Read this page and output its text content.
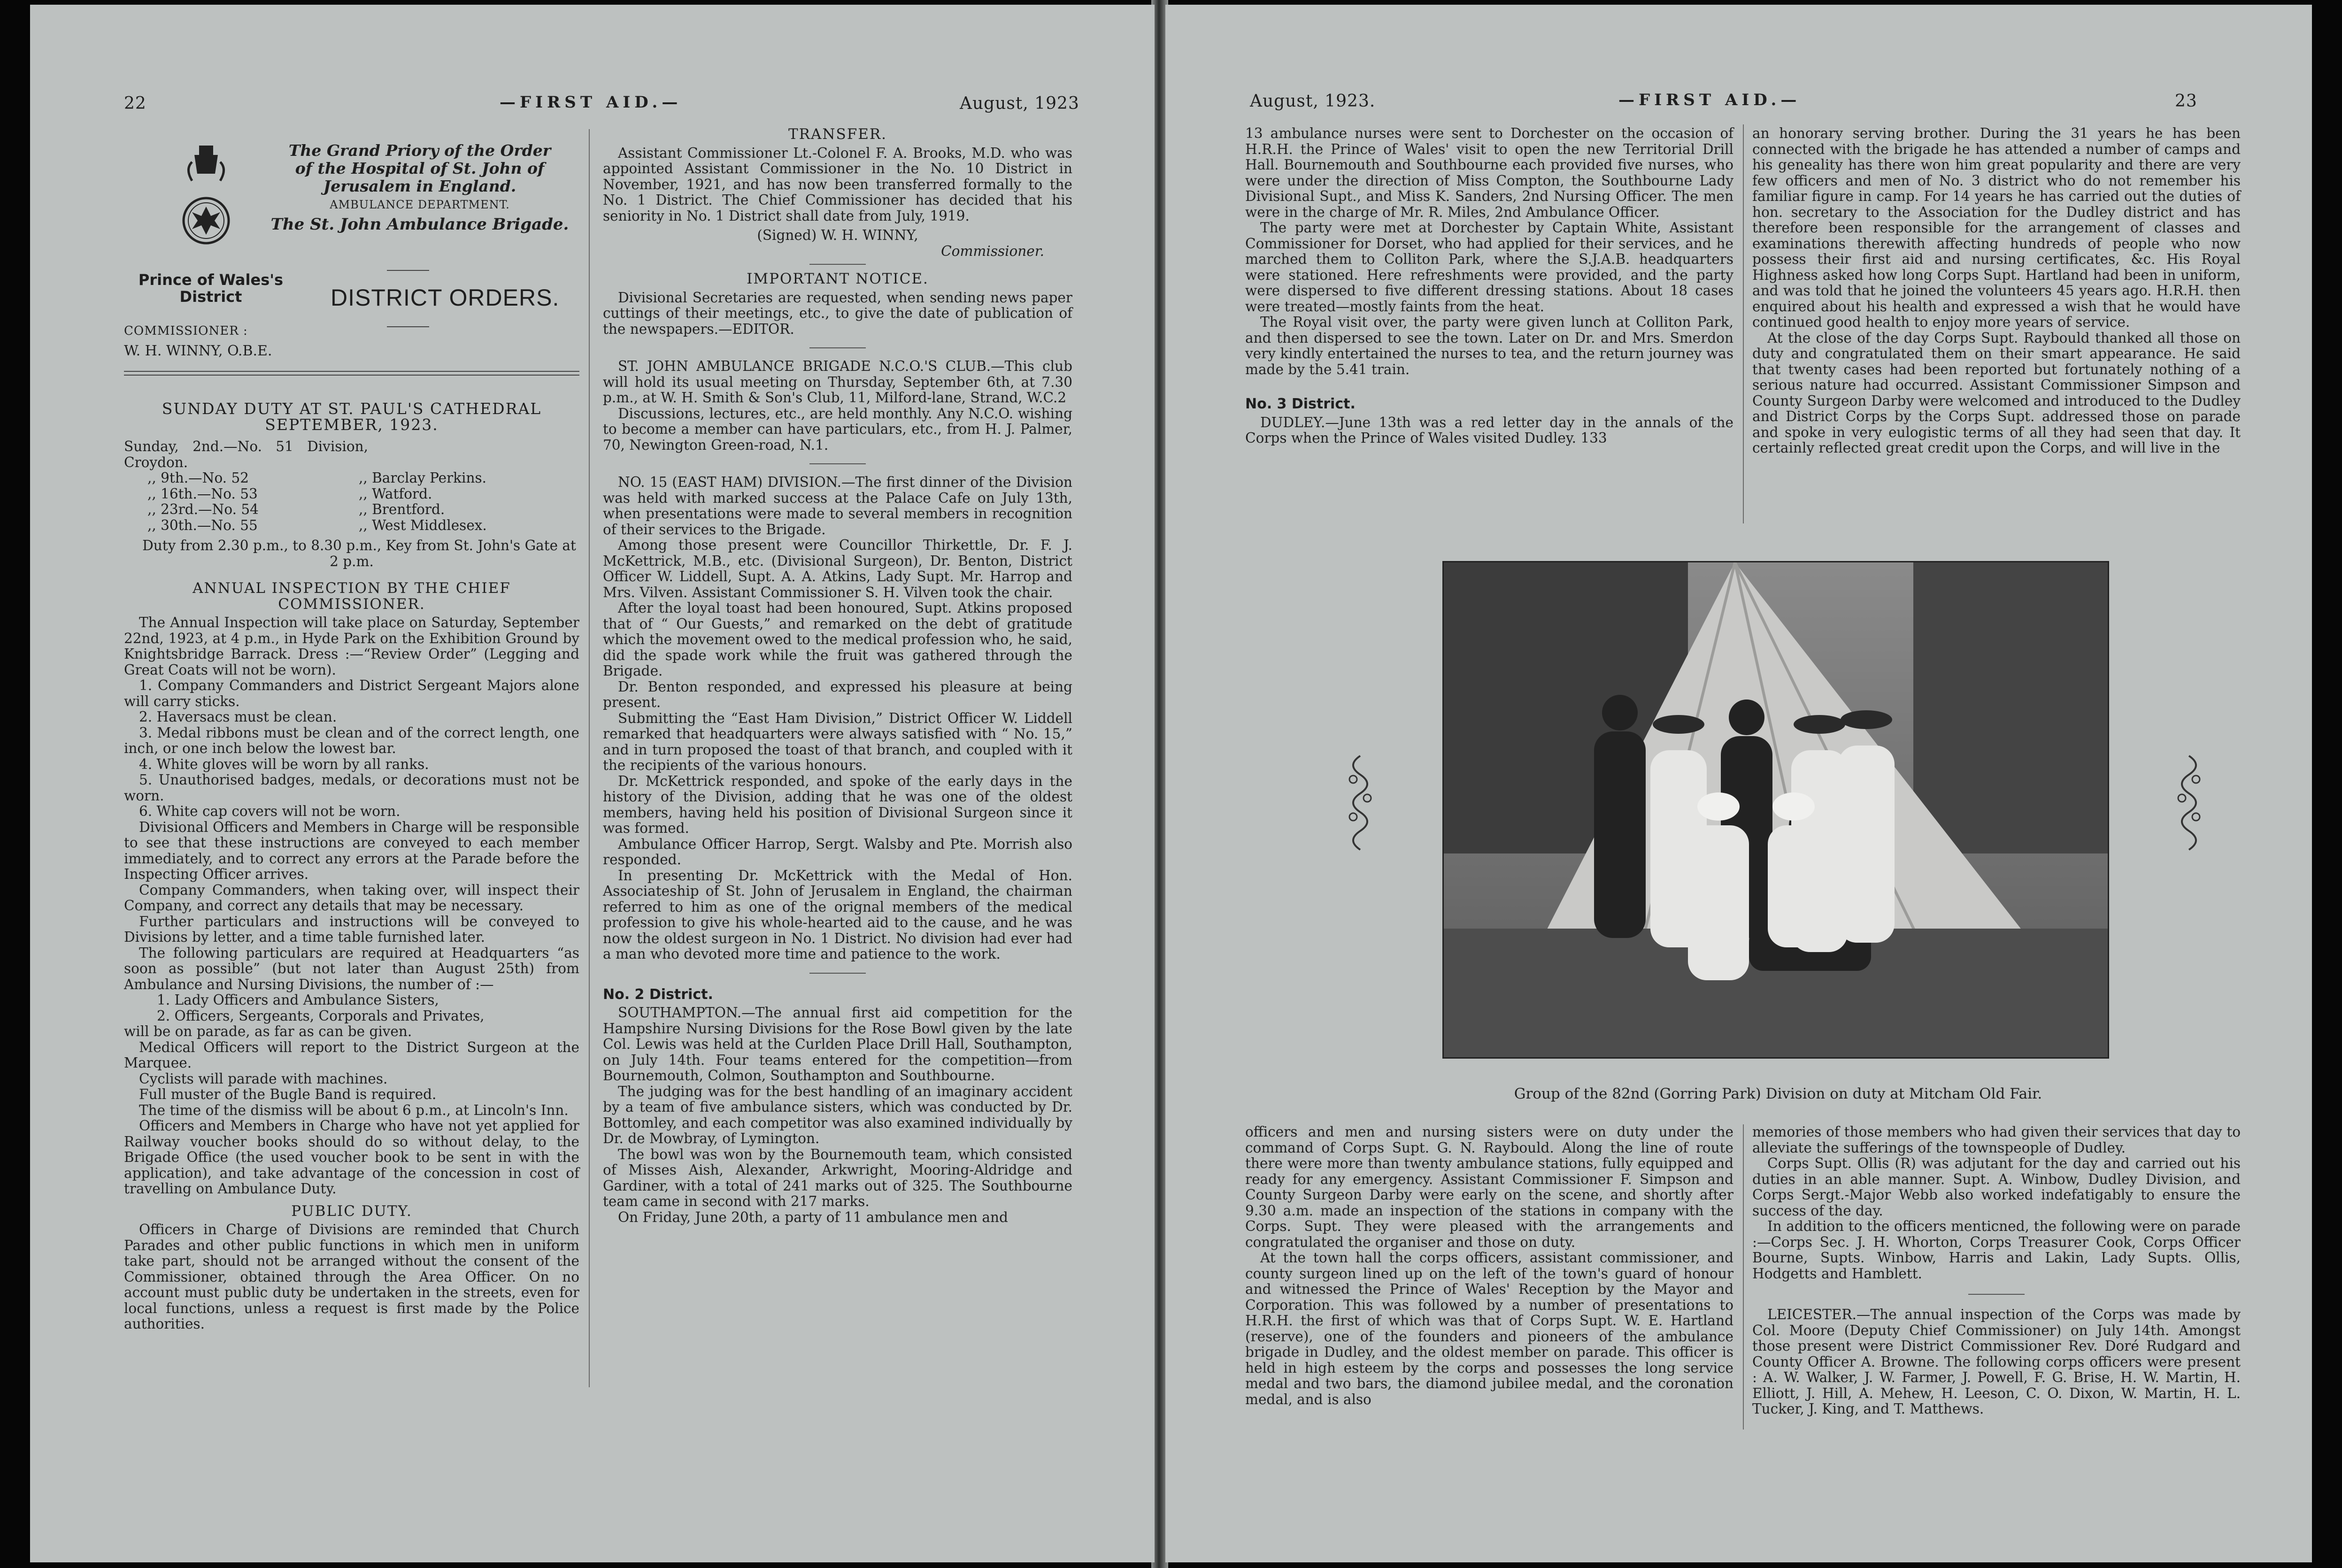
22	—FIRST AID.—	August, 1923
The Grand Priory of the Order
of the Hospital of St. John of
Jerusalem in England.
AMBULANCE DEPARTMENT.
The St. John Ambulance Brigade.
Prince of Wales's
District	DISTRICT ORDERS.
COMMISSIONER :
W. H. WINNY, O.B.E.

SUNDAY DUTY AT ST. PAUL'S CATHEDRAL SEPTEMBER, 1923.

Sunday, 2nd.—No. 51 Division, Croydon.
,, 9th.—No. 52	,, Barclay Perkins.
,, 16th.—No. 53	,, Watford.
,, 23rd.—No. 54	,, Brentford.
,, 30th.—No. 55	,, West Middlesex.

Duty from 2.30 p.m., to 8.30 p.m., Key from St. John's Gate at 2 p.m.

ANNUAL INSPECTION BY THE CHIEF COMMISSIONER.

The Annual Inspection will take place on Saturday, September 22nd, 1923, at 4 p.m., in Hyde Park on the Exhibition Ground by Knightsbridge Barrack. Dress :—“Review Order” (Legging and Great Coats will not be worn).

1. Company Commanders and District Sergeant Majors alone will carry sticks.

2. Haversacs must be clean.

3. Medal ribbons must be clean and of the correct length, one inch, or one inch below the lowest bar.

4. White gloves will be worn by all ranks.

5. Unauthorised badges, medals, or decorations must not be worn.

6. White cap covers will not be worn.

Divisional Officers and Members in Charge will be responsible to see that these instructions are conveyed to each member immediately, and to correct any errors at the Parade before the Inspecting Officer arrives.

Company Commanders, when taking over, will inspect their Company, and correct any details that may be necessary.

Further particulars and instructions will be conveyed to Divisions by letter, and a time table furnished later.

The following particulars are required at Headquarters “as soon as possible” (but not later than August 25th) from Ambulance and Nursing Divisions, the number of :—

1. Lady Officers and Ambulance Sisters,

2. Officers, Sergeants, Corporals and Privates,

will be on parade, as far as can be given.

Medical Officers will report to the District Surgeon at the Marquee.

Cyclists will parade with machines.

Full muster of the Bugle Band is required.

The time of the dismiss will be about 6 p.m., at Lincoln's Inn.

Officers and Members in Charge who have not yet applied for Railway voucher books should do so without delay, to the Brigade Office (the used voucher book to be sent in with the application), and take advantage of the concession in cost of travelling on Ambulance Duty.

PUBLIC DUTY.

Officers in Charge of Divisions are reminded that Church Parades and other public functions in which men in uniform take part, should not be arranged without the consent of the Commissioner, obtained through the Area Officer. On no account must public duty be undertaken in the streets, even for local functions, unless a request is first made by the Police authorities.

TRANSFER.

Assistant Commissioner Lt.-Colonel F. A. Brooks, M.D. who was appointed Assistant Commissioner in the No. 10 District in November, 1921, and has now been transferred formally to the No. 1 District. The Chief Commissioner has decided that his seniority in No. 1 District shall date from July, 1919.

(Signed) W. H. WINNY,

Commissioner.

IMPORTANT NOTICE.

Divisional Secretaries are requested, when sending news paper cuttings of their meetings, etc., to give the date of publication of the newspapers.—EDITOR.

ST. JOHN AMBULANCE BRIGADE N.C.O.'S CLUB.—This club will hold its usual meeting on Thursday, September 6th, at 7.30 p.m., at W. H. Smith & Son's Club, 11, Milford-lane, Strand, W.C.2

Discussions, lectures, etc., are held monthly. Any N.C.O. wishing to become a member can have particulars, etc., from H. J. Palmer, 70, Newington Green-road, N.1.

NO. 15 (EAST HAM) DIVISION.—The first dinner of the Division was held with marked success at the Palace Cafe on July 13th, when presentations were made to several members in recognition of their services to the Brigade.

Among those present were Councillor Thirkettle, Dr. F. J. McKettrick, M.B., etc. (Divisional Surgeon), Dr. Benton, District Officer W. Liddell, Supt. A. A. Atkins, Lady Supt. Mr. Harrop and Mrs. Vilven. Assistant Commissioner S. H. Vilven took the chair.

After the loyal toast had been honoured, Supt. Atkins proposed that of “ Our Guests,” and remarked on the debt of gratitude which the movement owed to the medical profession who, he said, did the spade work while the fruit was gathered through the Brigade.

Dr. Benton responded, and expressed his pleasure at being present.

Submitting the “East Ham Division,” District Officer W. Liddell remarked that headquarters were always satisfied with “ No. 15,” and in turn proposed the toast of that branch, and coupled with it the recipients of the various honours.

Dr. McKettrick responded, and spoke of the early days in the history of the Division, adding that he was one of the oldest members, having held his position of Divisional Surgeon since it was formed.

Ambulance Officer Harrop, Sergt. Walsby and Pte. Morrish also responded.

In presenting Dr. McKettrick with the Medal of Hon. Associateship of St. John of Jerusalem in England, the chairman referred to him as one of the orignal members of the medical profession to give his whole-hearted aid to the cause, and he was now the oldest surgeon in No. 1 District. No division had ever had a man who devoted more time and patience to the work.

No. 2 District.

SOUTHAMPTON.—The annual first aid competition for the Hampshire Nursing Divisions for the Rose Bowl given by the late Col. Lewis was held at the Curlden Place Drill Hall, Southampton, on July 14th. Four teams entered for the competition—from Bournemouth, Colmon, Southampton and Southbourne.

The judging was for the best handling of an imaginary accident by a team of five ambulance sisters, which was conducted by Dr. Bottomley, and each competitor was also examined individually by Dr. de Mowbray, of Lymington.

The bowl was won by the Bournemouth team, which consisted of Misses Aish, Alexander, Arkwright, Mooring-Aldridge and Gardiner, with a total of 241 marks out of 325. The Southbourne team came in second with 217 marks.

On Friday, June 20th, a party of 11 ambulance men and

August, 1923.	—FIRST AID.—	23

13 ambulance nurses were sent to Dorchester on the occasion of H.R.H. the Prince of Wales' visit to open the new Territorial Drill Hall. Bournemouth and Southbourne each provided five nurses, who were under the direction of Miss Compton, the Southbourne Lady Divisional Supt., and Miss K. Sanders, 2nd Nursing Officer. The men were in the charge of Mr. R. Miles, 2nd Ambulance Officer.

The party were met at Dorchester by Captain White, Assistant Commissioner for Dorset, who had applied for their services, and he marched them to Colliton Park, where the S.J.A.B. headquarters were stationed. Here refreshments were provided, and the party were dispersed to five different dressing stations. About 18 cases were treated—mostly faints from the heat.

The Royal visit over, the party were given lunch at Colliton Park, and then dispersed to see the town. Later on Dr. and Mrs. Smerdon very kindly entertained the nurses to tea, and the return journey was made by the 5.41 train.

No. 3 District.

DUDLEY.—June 13th was a red letter day in the annals of the Corps when the Prince of Wales visited Dudley. 133

an honorary serving brother. During the 31 years he has been connected with the brigade he has attended a number of camps and his geneality has there won him great popularity and there are very few officers and men of No. 3 district who do not remember his familiar figure in camp. For 14 years he has carried out the duties of hon. secretary to the Association for the Dudley district and has therefore been responsible for the arrangement of classes and examinations therewith affecting hundreds of people who now possess their first aid and nursing certificates, &c. His Royal Highness asked how long Corps Supt. Hartland had been in uniform, and was told that he joined the volunteers 45 years ago. H.R.H. then enquired about his health and expressed a wish that he would have continued good health to enjoy more years of service.

At the close of the day Corps Supt. Raybould thanked all those on duty and congratulated them on their smart appearance. He said that twenty cases had been reported but fortunately nothing of a serious nature had occurred. Assistant Commissioner Simpson and County Surgeon Darby were welcomed and introduced to the Dudley and District Corps by the Corps Supt. addressed those on parade and spoke in very eulogistic terms of all they had seen that day. It certainly reflected great credit upon the Corps, and will live in the

Group of the 82nd (Gorring Park) Division on duty at Mitcham Old Fair.

officers and men and nursing sisters were on duty under the command of Corps Supt. G. N. Raybould. Along the line of route there were more than twenty ambulance stations, fully equipped and ready for any emergency. Assistant Commissioner F. Simpson and County Surgeon Darby were early on the scene, and shortly after 9.30 a.m. made an inspection of the stations in company with the Corps. Supt. They were pleased with the arrangements and congratulated the organiser and those on duty.

At the town hall the corps officers, assistant commissioner, and county surgeon lined up on the left of the town's guard of honour and witnessed the Prince of Wales' Reception by the Mayor and Corporation. This was followed by a number of presentations to H.R.H. the first of which was that of Corps Supt. W. E. Hartland (reserve), one of the founders and pioneers of the ambulance brigade in Dudley, and the oldest member on parade. This officer is held in high esteem by the corps and possesses the long service medal and two bars, the diamond jubilee medal, and the coronation medal, and is also

memories of those members who had given their services that day to alleviate the sufferings of the townspeople of Dudley.

Corps Supt. Ollis (R) was adjutant for the day and carried out his duties in an able manner. Supt. A. Winbow, Dudley Division, and Corps Sergt.-Major Webb also worked indefatigably to ensure the success of the day.

In addition to the officers menticned, the following were on parade :—Corps Sec. J. H. Whorton, Corps Treasurer Cook, Corps Officer Bourne, Supts. Winbow, Harris and Lakin, Lady Supts. Ollis, Hodgetts and Hamblett.

LEICESTER.—The annual inspection of the Corps was made by Col. Moore (Deputy Chief Commissioner) on July 14th. Amongst those present were District Commissioner Rev. Doré Rudgard and County Officer A. Browne. The following corps officers were present : A. W. Walker, J. W. Farmer, J. Powell, F. G. Brise, H. W. Martin, H. Elliott, J. Hill, A. Mehew, H. Leeson, C. O. Dixon, W. Martin, H. L. Tucker, J. King, and T. Matthews.
